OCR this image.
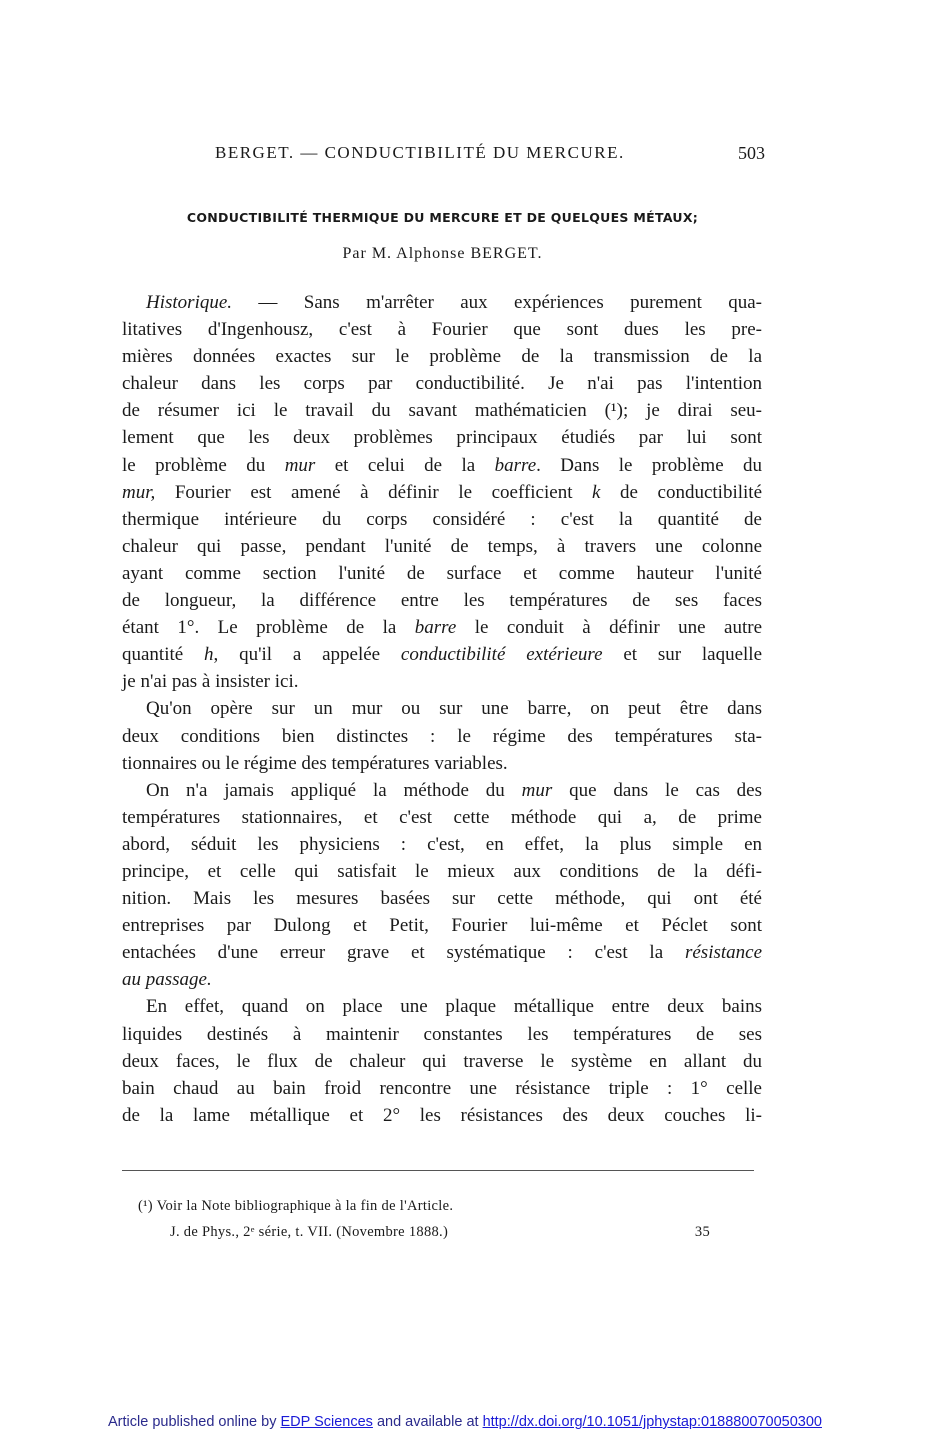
BERGET. — CONDUCTIBILITÉ DU MERCURE.	503
CONDUCTIBILITÉ THERMIQUE DU MERCURE ET DE QUELQUES MÉTAUX;
Par M. Alphonse BERGET.
Historique. — Sans m'arrêter aux expériences purement qua-
litatives d'Ingenhousz, c'est à Fourier que sont dues les pre-
mières données exactes sur le problème de la transmission de la
chaleur dans les corps par conductibilité. Je n'ai pas l'intention
de résumer ici le travail du savant mathématicien (¹); je dirai seu-
lement que les deux problèmes principaux étudiés par lui sont
le problème du mur et celui de la barre. Dans le problème du
mur, Fourier est amené à définir le coefficient k de conductibilité
thermique intérieure du corps considéré : c'est la quantité de
chaleur qui passe, pendant l'unité de temps, à travers une colonne
ayant comme section l'unité de surface et comme hauteur l'unité
de longueur, la différence entre les températures de ses faces
étant 1°. Le problème de la barre le conduit à définir une autre
quantité h, qu'il a appelée conductibilité extérieure et sur laquelle
je n'ai pas à insister ici.
Qu'on opère sur un mur ou sur une barre, on peut être dans
deux conditions bien distinctes : le régime des températures sta-
tionnaires ou le régime des températures variables.
On n'a jamais appliqué la méthode du mur que dans le cas des
températures stationnaires, et c'est cette méthode qui a, de prime
abord, séduit les physiciens : c'est, en effet, la plus simple en
principe, et celle qui satisfait le mieux aux conditions de la défi-
nition. Mais les mesures basées sur cette méthode, qui ont été
entreprises par Dulong et Petit, Fourier lui-même et Péclet sont
entachées d'une erreur grave et systématique : c'est la résistance
au passage.
En effet, quand on place une plaque métallique entre deux bains
liquides destinés à maintenir constantes les températures de ses
deux faces, le flux de chaleur qui traverse le système en allant du
bain chaud au bain froid rencontre une résistance triple : 1° celle
de la lame métallique et 2° les résistances des deux couches li-
(¹) Voir la Note bibliographique à la fin de l'Article.
J. de Phys., 2ᵉ série, t. VII. (Novembre 1888.)	35
Article published online by EDP Sciences and available at http://dx.doi.org/10.1051/jphystap:018880070050300
